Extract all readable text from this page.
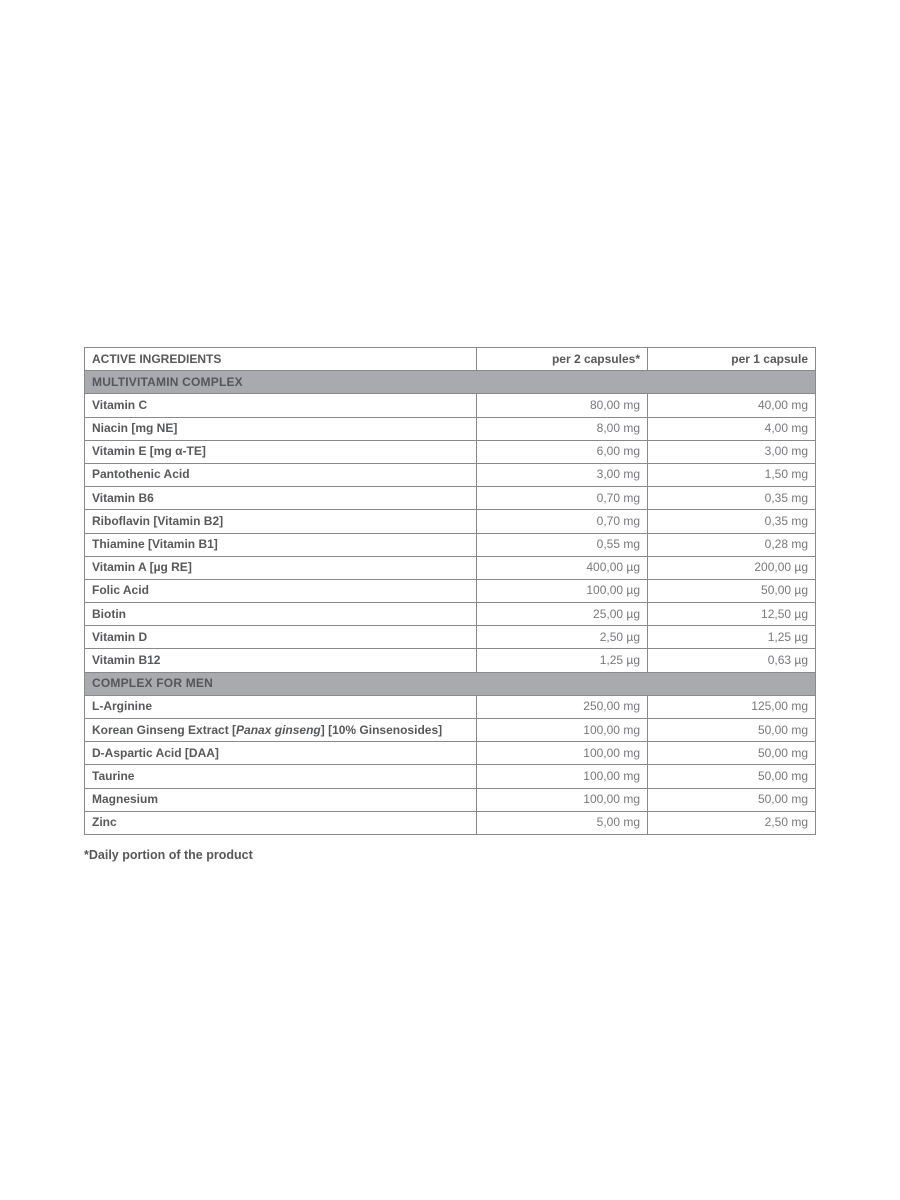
ACTIVE INGREDIENTS	per 2 capsules*	per 1 capsule
MULTIVITAMIN COMPLEX		
Vitamin C	80,00 mg	40,00 mg
Niacin [mg NE]	8,00 mg	4,00 mg
Vitamin E [mg α-TE]	6,00 mg	3,00 mg
Pantothenic Acid	3,00 mg	1,50 mg
Vitamin B6	0,70 mg	0,35 mg
Riboflavin [Vitamin B2]	0,70 mg	0,35 mg
Thiamine [Vitamin B1]	0,55 mg	0,28 mg
Vitamin A [µg RE]	400,00 µg	200,00 µg
Folic Acid	100,00 µg	50,00 µg
Biotin	25,00 µg	12,50 µg
Vitamin D	2,50 µg	1,25 µg
Vitamin B12	1,25 µg	0,63 µg
COMPLEX FOR MEN		
L-Arginine	250,00 mg	125,00 mg
Korean Ginseng Extract [Panax ginseng] [10% Ginsenosides]	100,00 mg	50,00 mg
D-Aspartic Acid [DAA]	100,00 mg	50,00 mg
Taurine	100,00 mg	50,00 mg
Magnesium	100,00 mg	50,00 mg
Zinc	5,00 mg	2,50 mg
*Daily portion of the product
